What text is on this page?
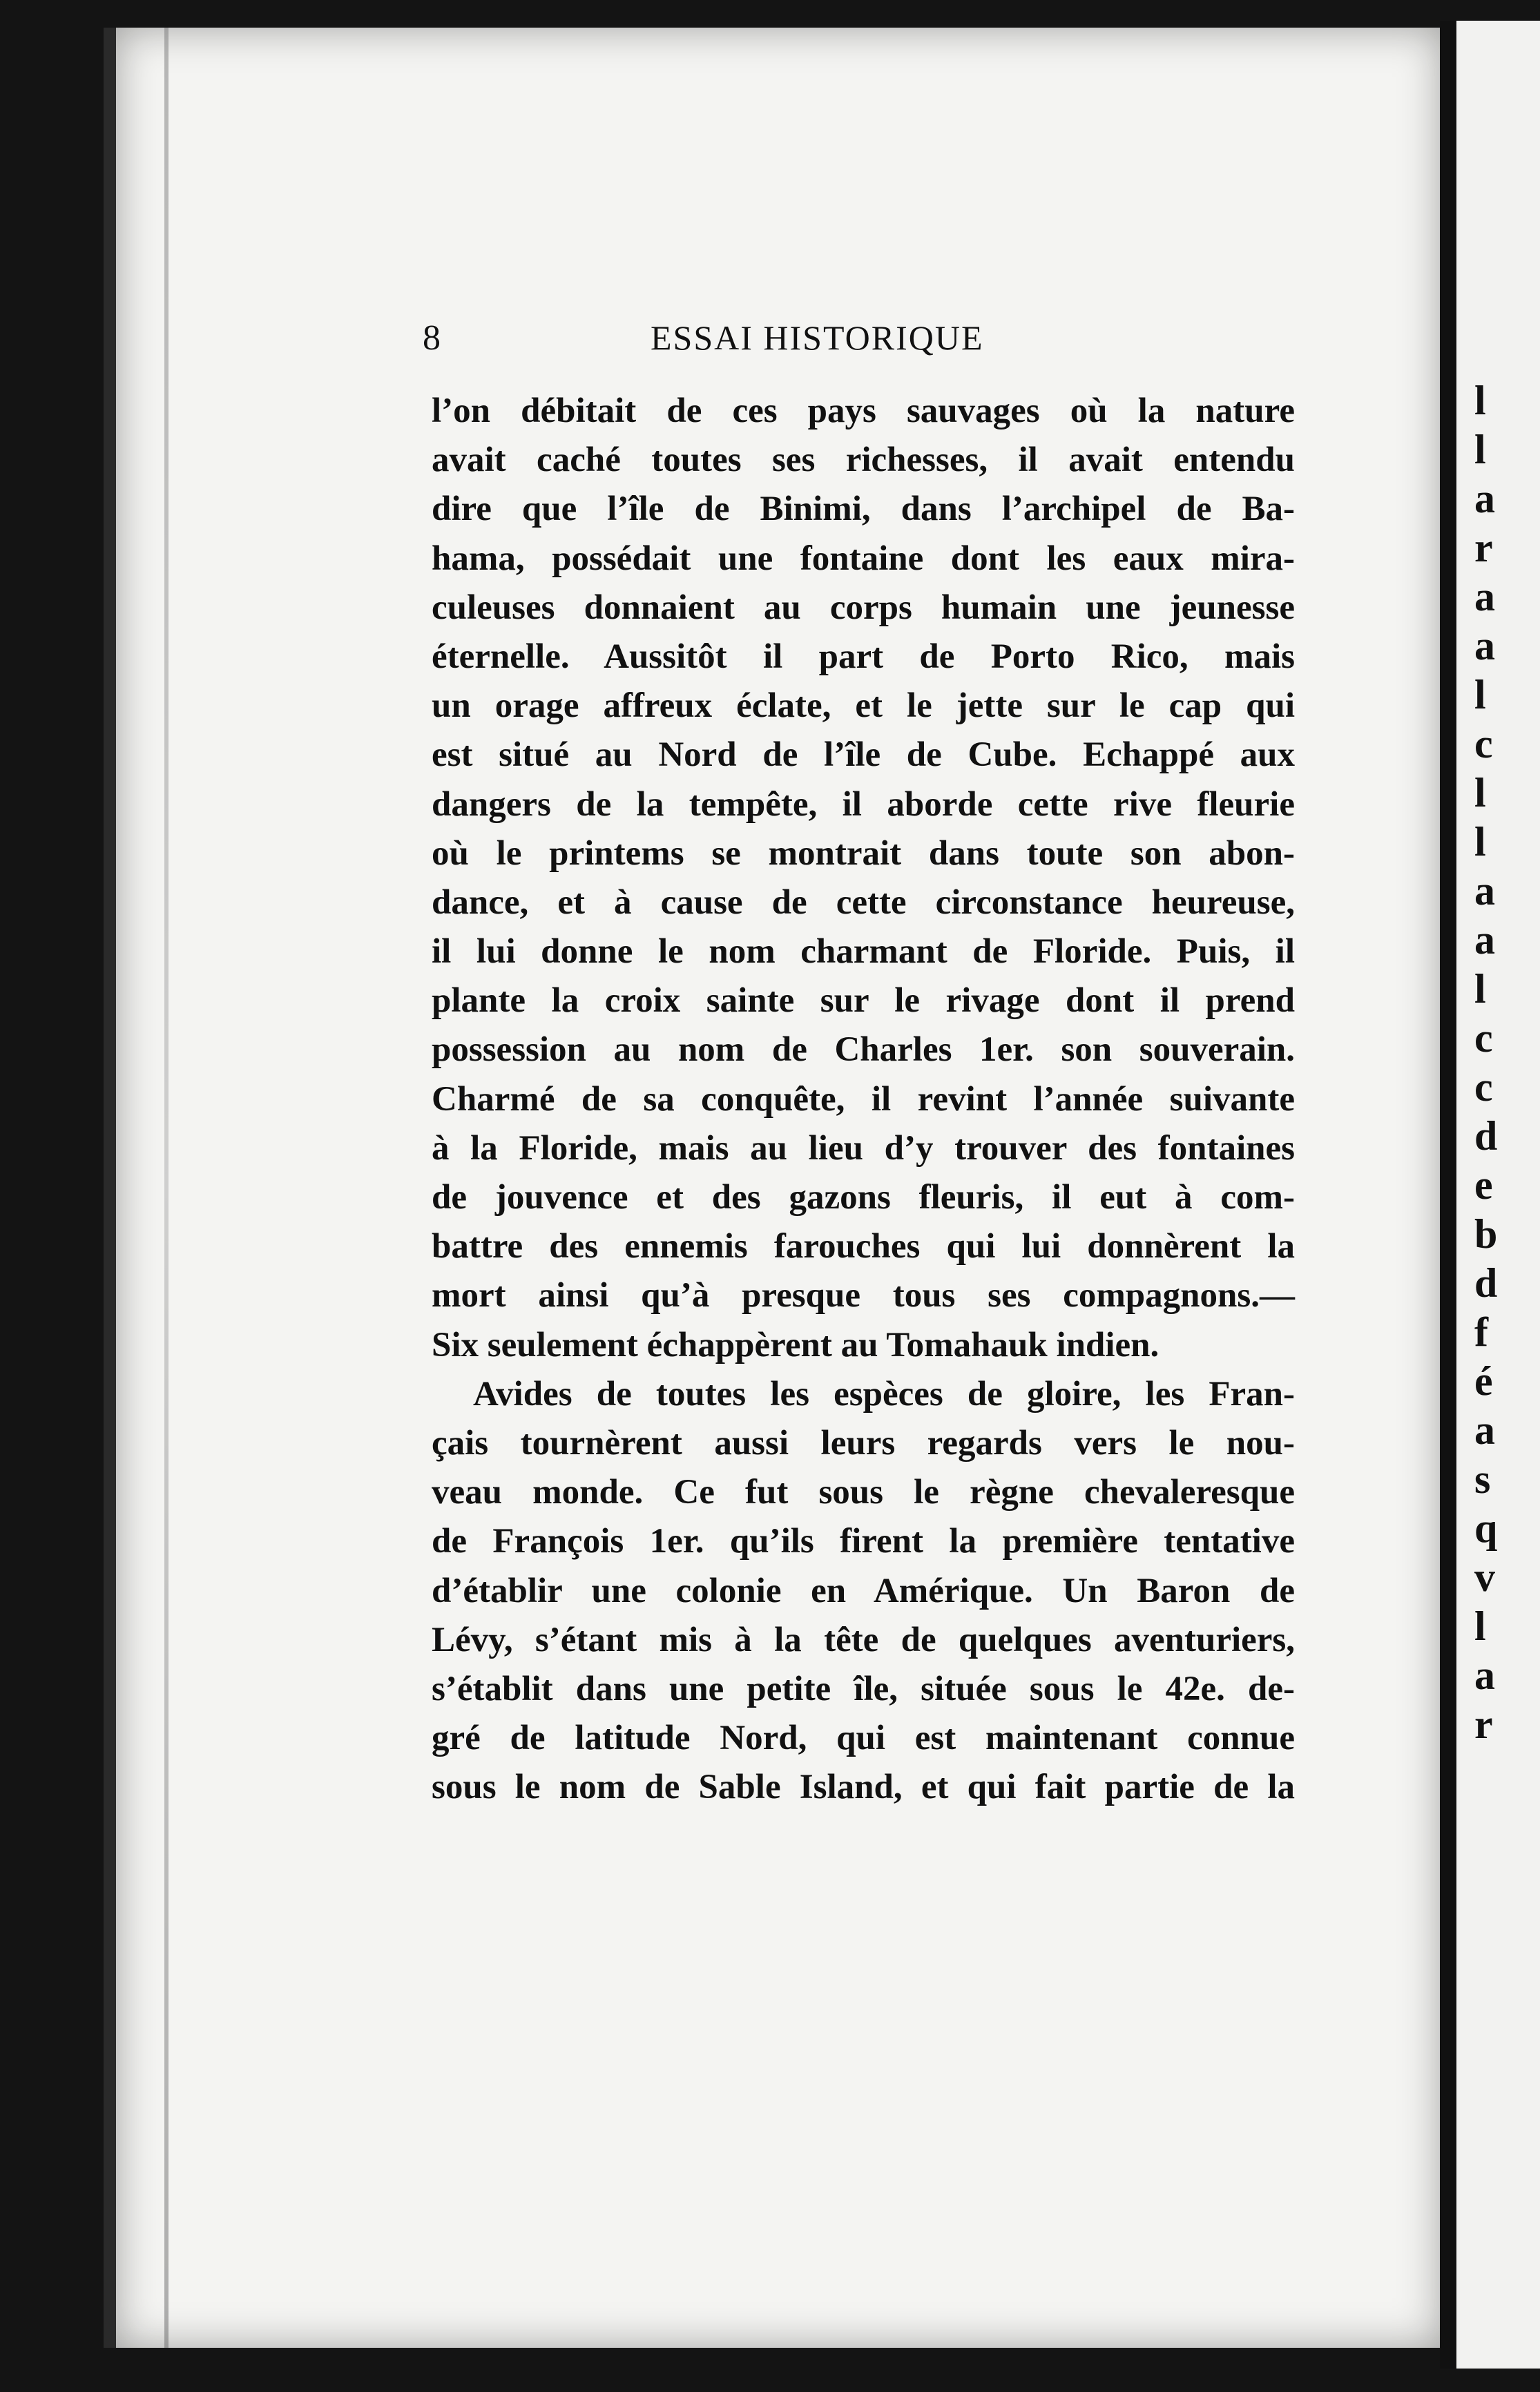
l
l
a
r
a
a
l
c
l
l
a
a
l
c
c
d
e
b
d
f
é
a
s
q
v
l
a
r
8	ESSAI HISTORIQUE
l’on débitait de ces pays sauvages où la nature
avait caché toutes ses richesses, il avait entendu
dire que l’île de Binimi, dans l’archipel de Ba-
hama, possédait une fontaine dont les eaux mira-
culeuses donnaient au corps humain une jeunesse
éternelle. Aussitôt il part de Porto Rico, mais
un orage affreux éclate, et le jette sur le cap qui
est situé au Nord de l’île de Cube. Echappé aux
dangers de la tempête, il aborde cette rive fleurie
où le printems se montrait dans toute son abon-
dance, et à cause de cette circonstance heureuse,
il lui donne le nom charmant de Floride. Puis, il
plante la croix sainte sur le rivage dont il prend
possession au nom de Charles 1er. son souverain.
Charmé de sa conquête, il revint l’année suivante
à la Floride, mais au lieu d’y trouver des fontaines
de jouvence et des gazons fleuris, il eut à com-
battre des ennemis farouches qui lui donnèrent la
mort ainsi qu’à presque tous ses compagnons.—
Six seulement échappèrent au Tomahauk indien.
Avides de toutes les espèces de gloire, les Fran-
çais tournèrent aussi leurs regards vers le nou-
veau monde. Ce fut sous le règne chevaleresque
de François 1er. qu’ils firent la première tentative
d’établir une colonie en Amérique. Un Baron de
Lévy, s’étant mis à la tête de quelques aventuriers,
s’établit dans une petite île, située sous le 42e. de-
gré de latitude Nord, qui est maintenant connue
sous le nom de Sable Island, et qui fait partie de la
